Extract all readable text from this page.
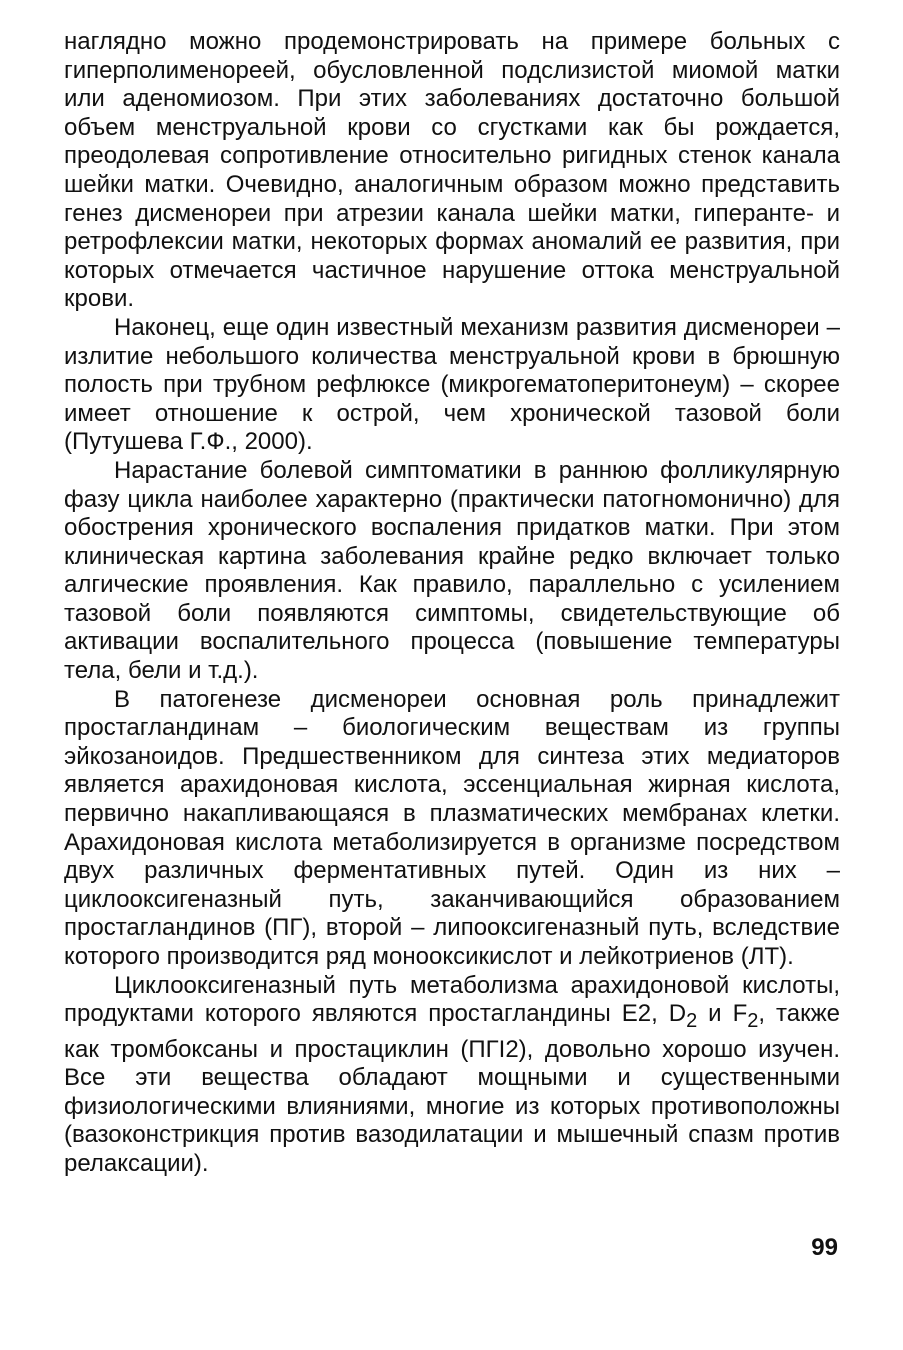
наглядно можно продемонстрировать на примере больных с гиперполименореей, обусловленной подслизистой миомой матки или аденомиозом. При этих заболеваниях достаточно большой объем менструальной крови со сгустками как бы рождается, преодолевая сопротивление относительно ригидных стенок канала шейки матки. Очевидно, аналогичным образом можно представить генез дисменореи при атрезии канала шейки матки, гиперанте- и ретрофлексии матки, некоторых формах аномалий ее развития, при которых отмечается частичное нарушение оттока менструальной крови.

Наконец, еще один известный механизм развития дисменореи – излитие небольшого количества менструальной крови в брюшную полость при трубном рефлюксе (микрогематоперитонеум) – скорее имеет отношение к острой, чем хронической тазовой боли (Путушева Г.Ф., 2000).

Нарастание болевой симптоматики в раннюю фолликулярную фазу цикла наиболее характерно (практически патогномонично) для обострения хронического воспаления придатков матки. При этом клиническая картина заболевания крайне редко включает только алгические проявления. Как правило, параллельно с усилением тазовой боли появляются симптомы, свидетельствующие об активации воспалительного процесса (повышение температуры тела, бели и т.д.).

В патогенезе дисменореи основная роль принадлежит простагландинам – биологическим веществам из группы эйкозаноидов. Предшественником для синтеза этих медиаторов является арахидоновая кислота, эссенциальная жирная кислота, первично накапливающаяся в плазматических мембранах клетки. Арахидоновая кислота метаболизируется в организме посредством двух различных ферментативных путей. Один из них – циклооксигеназный путь, заканчивающийся образованием простагландинов (ПГ), второй – липооксигеназный путь, вследствие которого производится ряд монооксикислот и лейкотриенов (ЛТ).

Циклооксигеназный путь метаболизма арахидоновой кислоты, продуктами которого являются простагландины Е2, $D_2$ и $F_2$, также как тромбоксаны и простациклин (ПГI2), довольно хорошо изучен. Все эти вещества обладают мощными и существенными физиологическими влияниями, многие из которых противоположны (вазоконстрикция против вазодилатации и мышечный спазм против релаксации).

99
